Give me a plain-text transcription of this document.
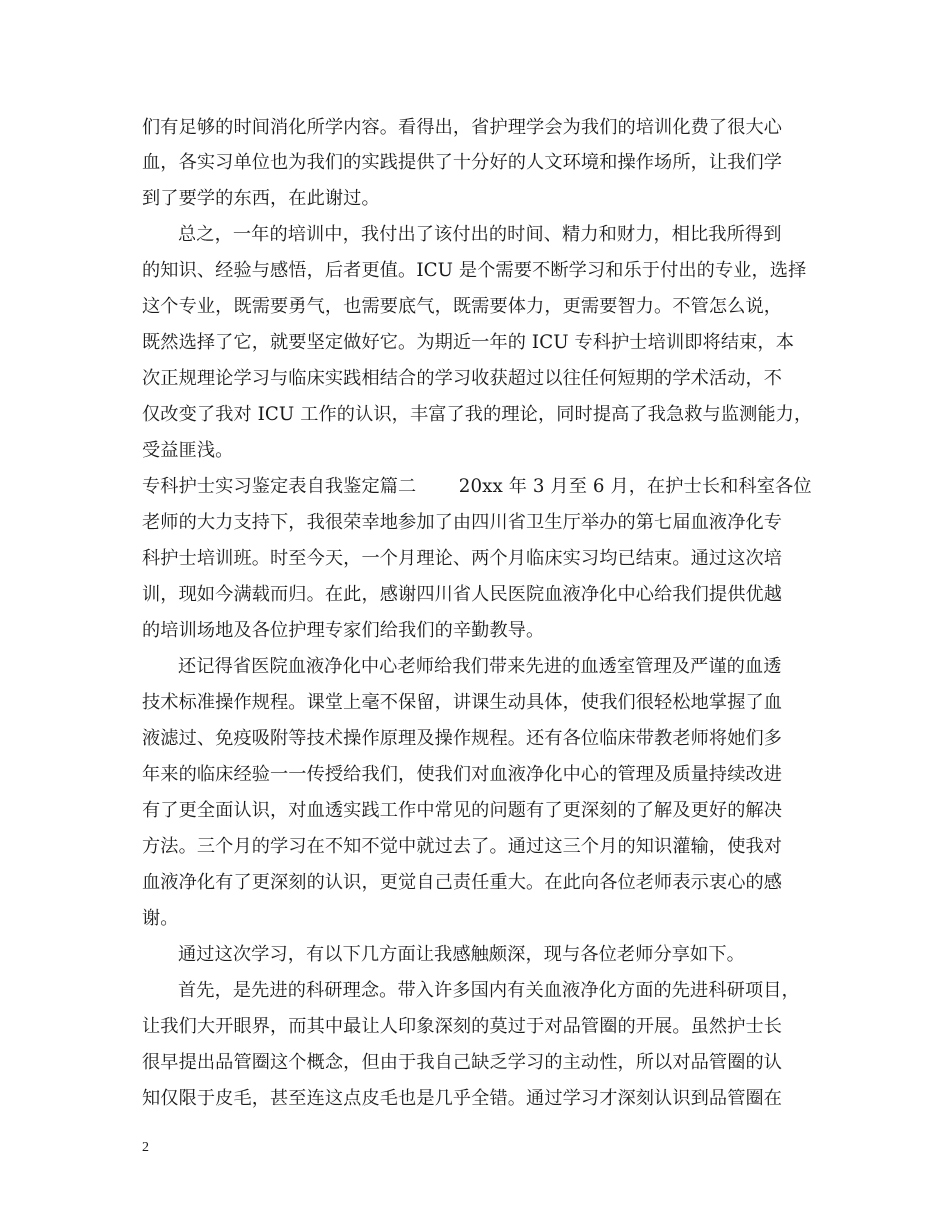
们有足够的时间消化所学内容。看得出，省护理学会为我们的培训化费了很大心
血，各实习单位也为我们的实践提供了十分好的人文环境和操作场所，让我们学
到了要学的东西，在此谢过。
总之，一年的培训中，我付出了该付出的时间、精力和财力，相比我所得到
的知识、经验与感悟，后者更值。ICU 是个需要不断学习和乐于付出的专业，选择
这个专业，既需要勇气，也需要底气，既需要体力，更需要智力。不管怎么说，
既然选择了它，就要坚定做好它。为期近一年的 ICU 专科护士培训即将结束，本
次正规理论学习与临床实践相结合的学习收获超过以往任何短期的学术活动，不
仅改变了我对 ICU 工作的认识，丰富了我的理论，同时提高了我急救与监测能力，
受益匪浅。
专科护士实习鉴定表自我鉴定篇二　　 20xx 年 3 月至 6 月，在护士长和科室各位
老师的大力支持下，我很荣幸地参加了由四川省卫生厅举办的第七届血液净化专
科护士培训班。时至今天，一个月理论、两个月临床实习均已结束。通过这次培
训，现如今满载而归。在此，感谢四川省人民医院血液净化中心给我们提供优越
的培训场地及各位护理专家们给我们的辛勤教导。
还记得省医院血液净化中心老师给我们带来先进的血透室管理及严谨的血透
技术标准操作规程。课堂上毫不保留，讲课生动具体，使我们很轻松地掌握了血
液滤过、免疫吸附等技术操作原理及操作规程。还有各位临床带教老师将她们多
年来的临床经验一一传授给我们，使我们对血液净化中心的管理及质量持续改进
有了更全面认识，对血透实践工作中常见的问题有了更深刻的了解及更好的解决
方法。三个月的学习在不知不觉中就过去了。通过这三个月的知识灌输，使我对
血液净化有了更深刻的认识，更觉自己责任重大。在此向各位老师表示衷心的感
谢。
通过这次学习，有以下几方面让我感触颇深，现与各位老师分享如下。
首先，是先进的科研理念。带入许多国内有关血液净化方面的先进科研项目，
让我们大开眼界，而其中最让人印象深刻的莫过于对品管圈的开展。虽然护士长
很早提出品管圈这个概念，但由于我自己缺乏学习的主动性，所以对品管圈的认
知仅限于皮毛，甚至连这点皮毛也是几乎全错。通过学习才深刻认识到品管圈在
2
